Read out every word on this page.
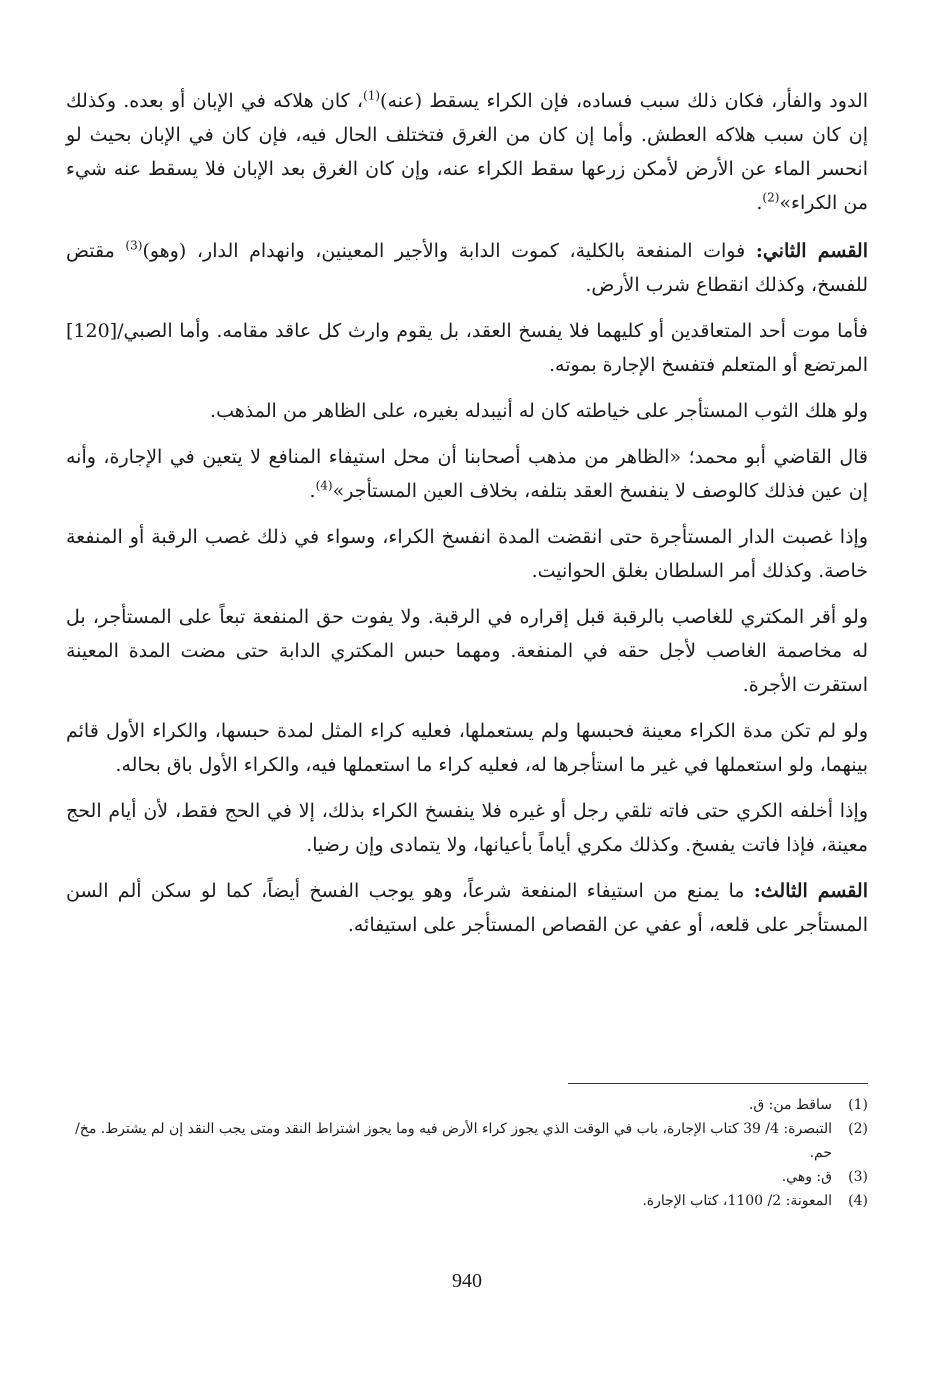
الدود والفأر، فكان ذلك سبب فساده، فإن الكراء يسقط (عنه)$^{(1)}$، كان هلاكه في الإبان أو بعده. وكذلك إن كان سبب هلاكه العطش. وأما إن كان من الغرق فتختلف الحال فيه، فإن كان في الإبان بحيث لو انحسر الماء عن الأرض لأمكن زرعها سقط الكراء عنه، وإن كان الغرق بعد الإبان فلا يسقط عنه شيء من الكراء»$^{(2)}$.

القسم الثاني: فوات المنفعة بالكلية، كموت الدابة والأجير المعينين، وانهدام الدار، (وهو)$^{(3)}$ مقتض للفسخ، وكذلك انقطاع شرب الأرض.

فأما موت أحد المتعاقدين أو كليهما فلا يفسخ العقد، بل يقوم وارث كل عاقد مقامه. وأما الصبي/[120] المرتضع أو المتعلم فتفسخ الإجارة بموته.

ولو هلك الثوب المستأجر على خياطته كان له أنيبدله بغيره، على الظاهر من المذهب.

قال القاضي أبو محمد؛ «الظاهر من مذهب أصحابنا أن محل استيفاء المنافع لا يتعين في الإجارة، وأنه إن عين فذلك كالوصف لا ينفسخ العقد بتلفه، بخلاف العين المستأجر»$^{(4)}$.

وإذا غصبت الدار المستأجرة حتى انقضت المدة انفسخ الكراء، وسواء في ذلك غصب الرقبة أو المنفعة خاصة. وكذلك أمر السلطان بغلق الحوانيت.

ولو أقر المكتري للغاصب بالرقبة قبل إقراره في الرقبة. ولا يفوت حق المنفعة تبعاً على المستأجر، بل له مخاصمة الغاصب لأجل حقه في المنفعة. ومهما حبس المكتري الدابة حتى مضت المدة المعينة استقرت الأجرة.

ولو لم تكن مدة الكراء معينة فحبسها ولم يستعملها، فعليه كراء المثل لمدة حبسها، والكراء الأول قائم بينهما، ولو استعملها في غير ما استأجرها له، فعليه كراء ما استعملها فيه، والكراء الأول باق بحاله.

وإذا أخلفه الكري حتى فاته تلقي رجل أو غيره فلا ينفسخ الكراء بذلك، إلا في الحج فقط، لأن أيام الحج معينة، فإذا فاتت يفسخ. وكذلك مكري أياماً بأعيانها، ولا يتمادى وإن رضيا.

القسم الثالث: ما يمنع من استيفاء المنفعة شرعاً، وهو يوجب الفسخ أيضاً، كما لو سكن ألم السن المستأجر على قلعه، أو عفي عن القصاص المستأجر على استيفائه.

(1)
ساقط من: ق.
(2)
التبصرة: 4/ 39 كتاب الإجارة، باب في الوقت الذي يجوز كراء الأرض فيه وما يجوز اشتراط النقد ومتى يجب النقد إن لم يشترط. مخ/حم.
(3)
ق: وهي.
(4)
المعونة: 2/ 1100، كتاب الإجارة.
940
